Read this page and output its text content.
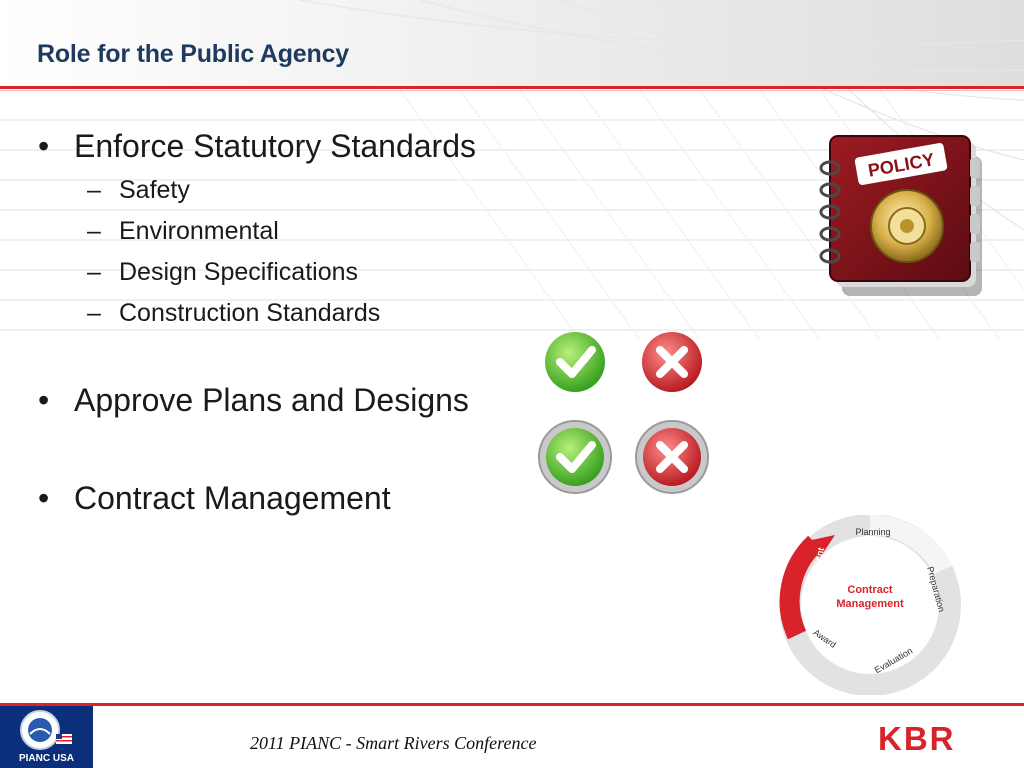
Role for the Public Agency
• Enforce Statutory Standards
– Safety
– Environmental
– Design Specifications
– Construction Standards
• Approve Plans and Designs
• Contract Management
POLICY
Contract
Management
Planning
Preparation
Evaluation
Award
Management
PIANC USA
2011 PIANC - Smart Rivers Conference	KBR
